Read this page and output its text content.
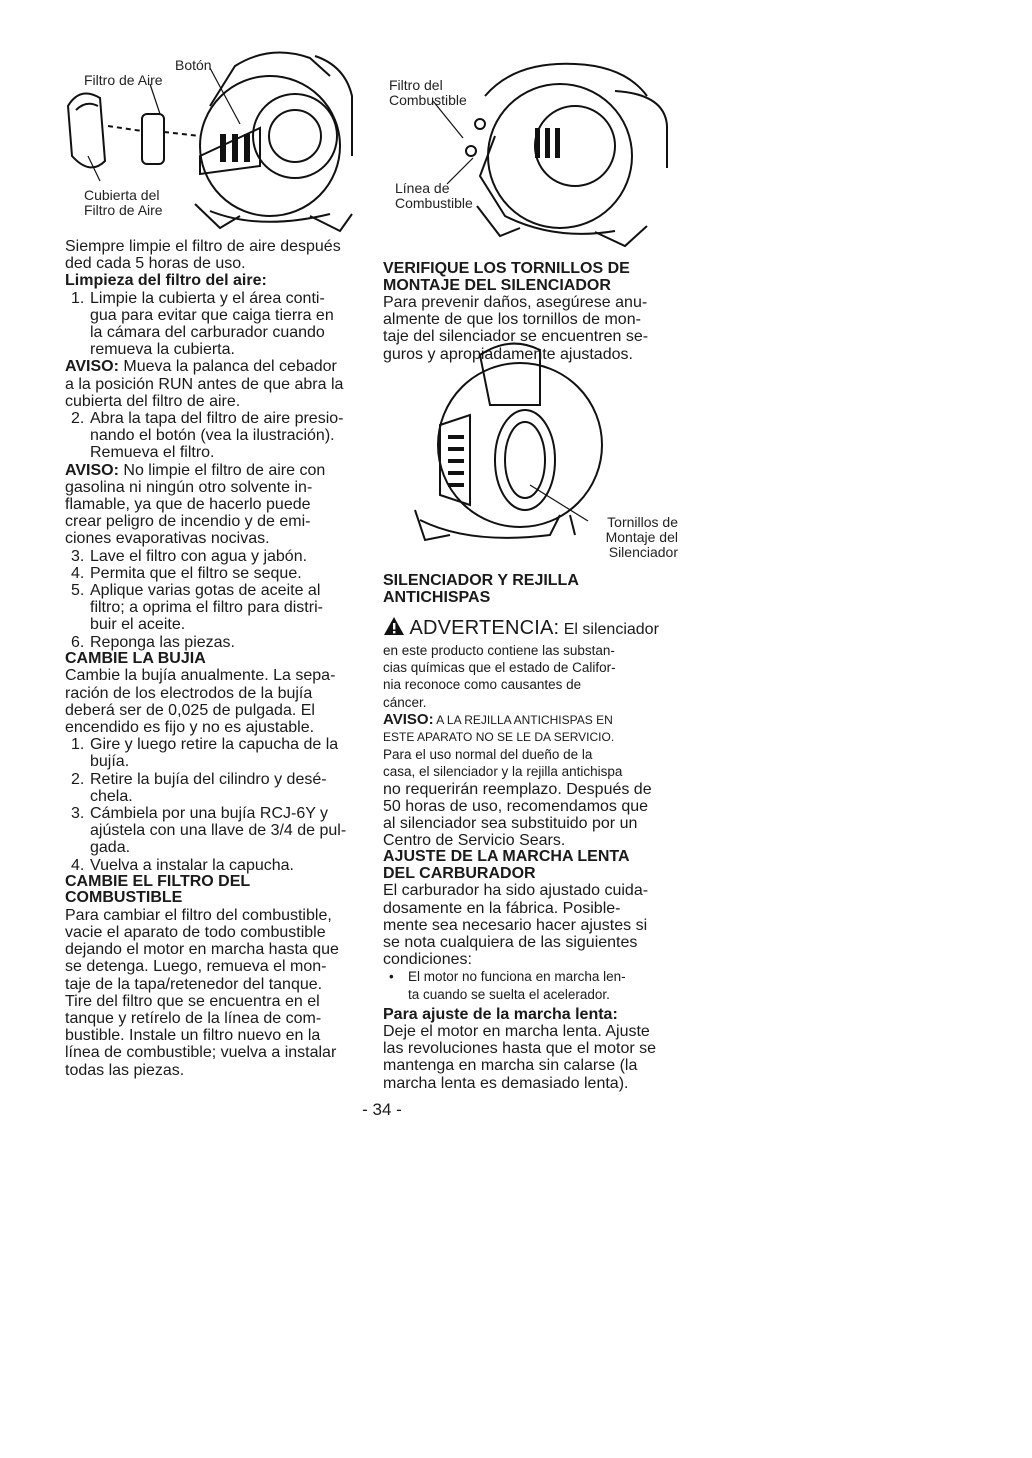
Botón
Filtro de Aire
Cubierta del
Filtro de Aire

Siempre limpie el filtro de aire después

ded cada 5 horas de uso.

Limpieza del filtro del aire:

1. Limpie la cubierta y el área conti-
gua para evitar que caiga tierra en
la cámara del carburador cuando
remueva la cubierta.

AVISO: Mueva la palanca del cebador

a la posición RUN antes de que abra la

cubierta del filtro de aire.

2. Abra la tapa del filtro de aire presio-
nando el botón (vea la ilustración).
Remueva el filtro.

AVISO: No limpie el filtro de aire con

gasolina ni ningún otro solvente in-

flamable, ya que de hacerlo puede

crear peligro de incendio y de emi-

ciones evaporativas nocivas.

3. Lave el filtro con agua y jabón.
4. Permita que el filtro se seque.
5. Aplique varias gotas de aceite al
filtro; a oprima el filtro para distri-
buir el aceite.
6. Reponga las piezas.

CAMBIE LA BUJIA

Cambie la bujía anualmente. La sepa-

ración de los electrodos de la bujía

deberá ser de 0,025 de pulgada. El

encendido es fijo y no es ajustable.

1. Gire y luego retire la capucha de la
bujía.
2. Retire la bujía del cilindro y desé-
chela.
3. Cámbiela por una bujía RCJ-6Y y
ajústela con una llave de 3/4 de pul-
gada.
4. Vuelva a instalar la capucha.

CAMBIE EL FILTRO DEL

COMBUSTIBLE

Para cambiar el filtro del combustible,

vacie el aparato de todo combustible

dejando el motor en marcha hasta que

se detenga. Luego, remueva el mon-

taje de la tapa/retenedor del tanque.

Tire del filtro que se encuentra en el

tanque y retírelo de la línea de com-

bustible. Instale un filtro nuevo en la

línea de combustible; vuelva a instalar

todas las piezas.

Filtro del
Combustible
Línea de
Combustible

VERIFIQUE LOS TORNILLOS DE

MONTAJE DEL SILENCIADOR

Para prevenir daños, asegúrese anu-

almente de que los tornillos de mon-

taje del silenciador se encuentren se-

guros y apropiadamente ajustados.

Tornillos de
Montaje del
Silenciador

SILENCIADOR Y REJILLA

ANTICHISPAS

ADVERTENCIA: El silenciador

en este producto contiene las substan-

cias químicas que el estado de Califor-

nia reconoce como causantes de

cáncer.

AVISO: A LA REJILLA ANTICHISPAS EN

ESTE APARATO NO SE LE DA SERVICIO.

Para el uso normal del dueño de la

casa, el silenciador y la rejilla antichispa

no requerirán reemplazo. Después de

50 horas de uso, recomendamos que

al silenciador sea substituido por un

Centro de Servicio Sears.

AJUSTE DE LA MARCHA LENTA

DEL CARBURADOR

El carburador ha sido ajustado cuida-

dosamente en la fábrica. Posible-

mente sea necesario hacer ajustes si

se nota cualquiera de las siguientes

condiciones:

• El motor no funciona en marcha len-
ta cuando se suelta el acelerador.

Para ajuste de la marcha lenta:

Deje el motor en marcha lenta. Ajuste

las revoluciones hasta que el motor se

mantenga en marcha sin calarse (la

marcha lenta es demasiado lenta).

- 34 -
